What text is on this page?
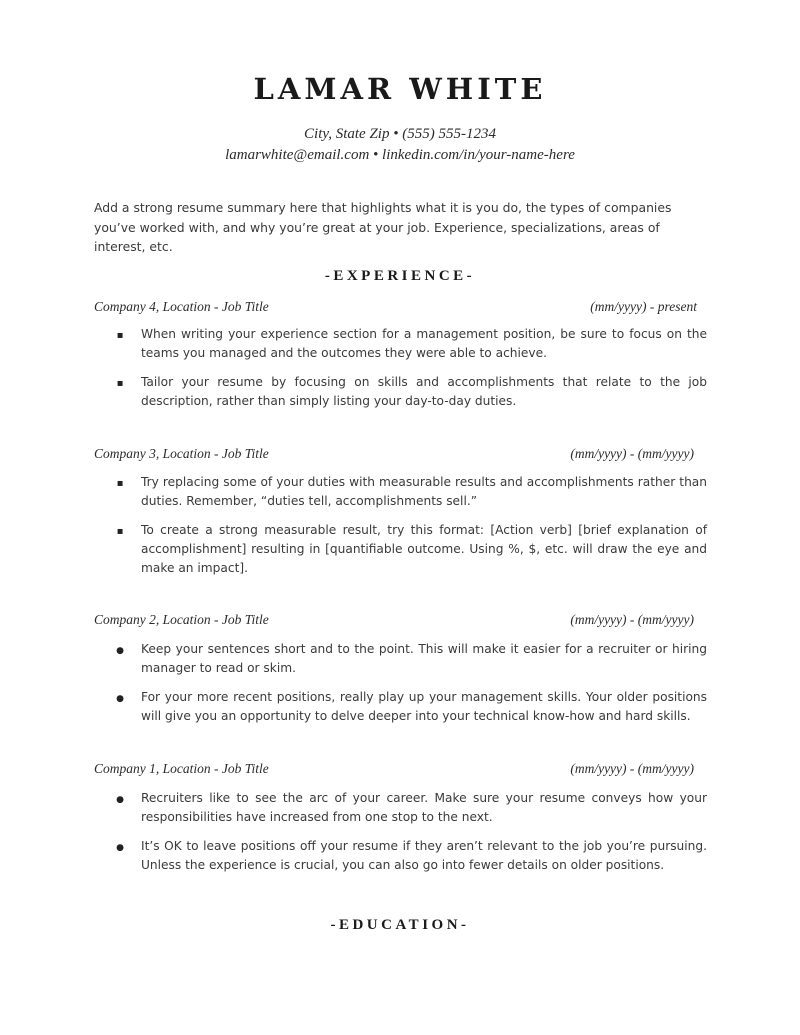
LAMAR WHITE
City, State Zip • (555) 555-1234
lamarwhite@email.com • linkedin.com/in/your-name-here
Add a strong resume summary here that highlights what it is you do, the types of companies you’ve worked with, and why you’re great at your job. Experience, specializations, areas of interest, etc.
-EXPERIENCE-
Company 4, Location - Job Title	(mm/yyyy) - present
▪
When writing your experience section for a management position, be sure to focus on the teams you managed and the outcomes they were able to achieve.
▪
Tailor your resume by focusing on skills and accomplishments that relate to the job description, rather than simply listing your day-to-day duties.
Company 3, Location - Job Title	(mm/yyyy) - (mm/yyyy)
▪
Try replacing some of your duties with measurable results and accomplishments rather than duties. Remember, “duties tell, accomplishments sell.”
▪
To create a strong measurable result, try this format: [Action verb] [brief explanation of accomplishment] resulting in [quantifiable outcome. Using %, $, etc. will draw the eye and make an impact].
Company 2, Location - Job Title	(mm/yyyy) - (mm/yyyy)
●
Keep your sentences short and to the point. This will make it easier for a recruiter or hiring manager to read or skim.
●
For your more recent positions, really play up your management skills. Your older positions will give you an opportunity to delve deeper into your technical know-how and hard skills.
Company 1, Location - Job Title	(mm/yyyy) - (mm/yyyy)
●
Recruiters like to see the arc of your career. Make sure your resume conveys how your responsibilities have increased from one stop to the next.
●
It’s OK to leave positions off your resume if they aren’t relevant to the job you’re pursuing. Unless the experience is crucial, you can also go into fewer details on older positions.
-EDUCATION-
